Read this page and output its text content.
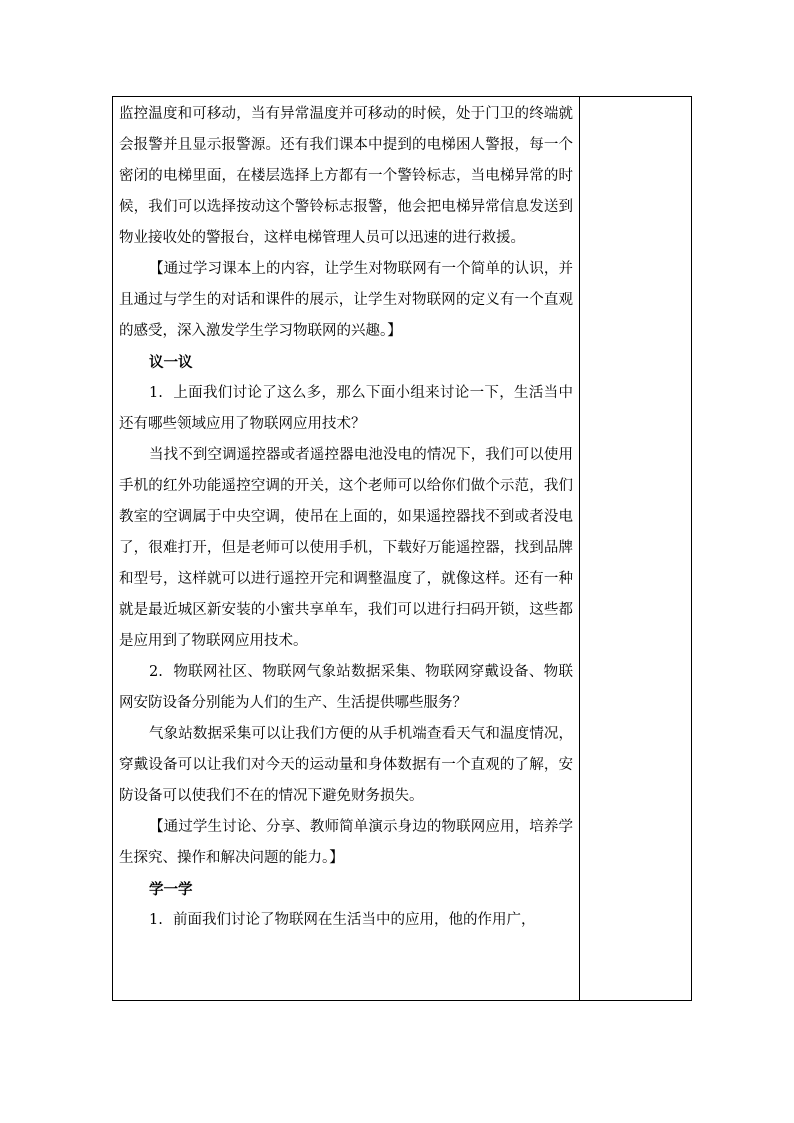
监控温度和可移动，当有异常温度并可移动的时候，处于门卫的终端就会报警并且显示报警源。还有我们课本中提到的电梯困人警报，每一个密闭的电梯里面，在楼层选择上方都有一个警铃标志，当电梯异常的时候，我们可以选择按动这个警铃标志报警，他会把电梯异常信息发送到物业接收处的警报台，这样电梯管理人员可以迅速的进行救援。

【通过学习课本上的内容，让学生对物联网有一个简单的认识，并且通过与学生的对话和课件的展示，让学生对物联网的定义有一个直观的感受，深入激发学生学习物联网的兴趣。】

议一议

1. 上面我们讨论了这么多，那么下面小组来讨论一下，生活当中还有哪些领域应用了物联网应用技术？

当找不到空调遥控器或者遥控器电池没电的情况下，我们可以使用手机的红外功能遥控空调的开关，这个老师可以给你们做个示范，我们教室的空调属于中央空调，使吊在上面的，如果遥控器找不到或者没电了，很难打开，但是老师可以使用手机，下载好万能遥控器，找到品牌和型号，这样就可以进行遥控开完和调整温度了，就像这样。还有一种就是最近城区新安装的小蜜共享单车，我们可以进行扫码开锁，这些都是应用到了物联网应用技术。

2. 物联网社区、物联网气象站数据采集、物联网穿戴设备、物联网安防设备分别能为人们的生产、生活提供哪些服务？

气象站数据采集可以让我们方便的从手机端查看天气和温度情况，穿戴设备可以让我们对今天的运动量和身体数据有一个直观的了解，安防设备可以使我们不在的情况下避免财务损失。

【通过学生讨论、分享、教师简单演示身边的物联网应用，培养学生探究、操作和解决问题的能力。】

学一学

1. 前面我们讨论了物联网在生活当中的应用，他的作用广，
